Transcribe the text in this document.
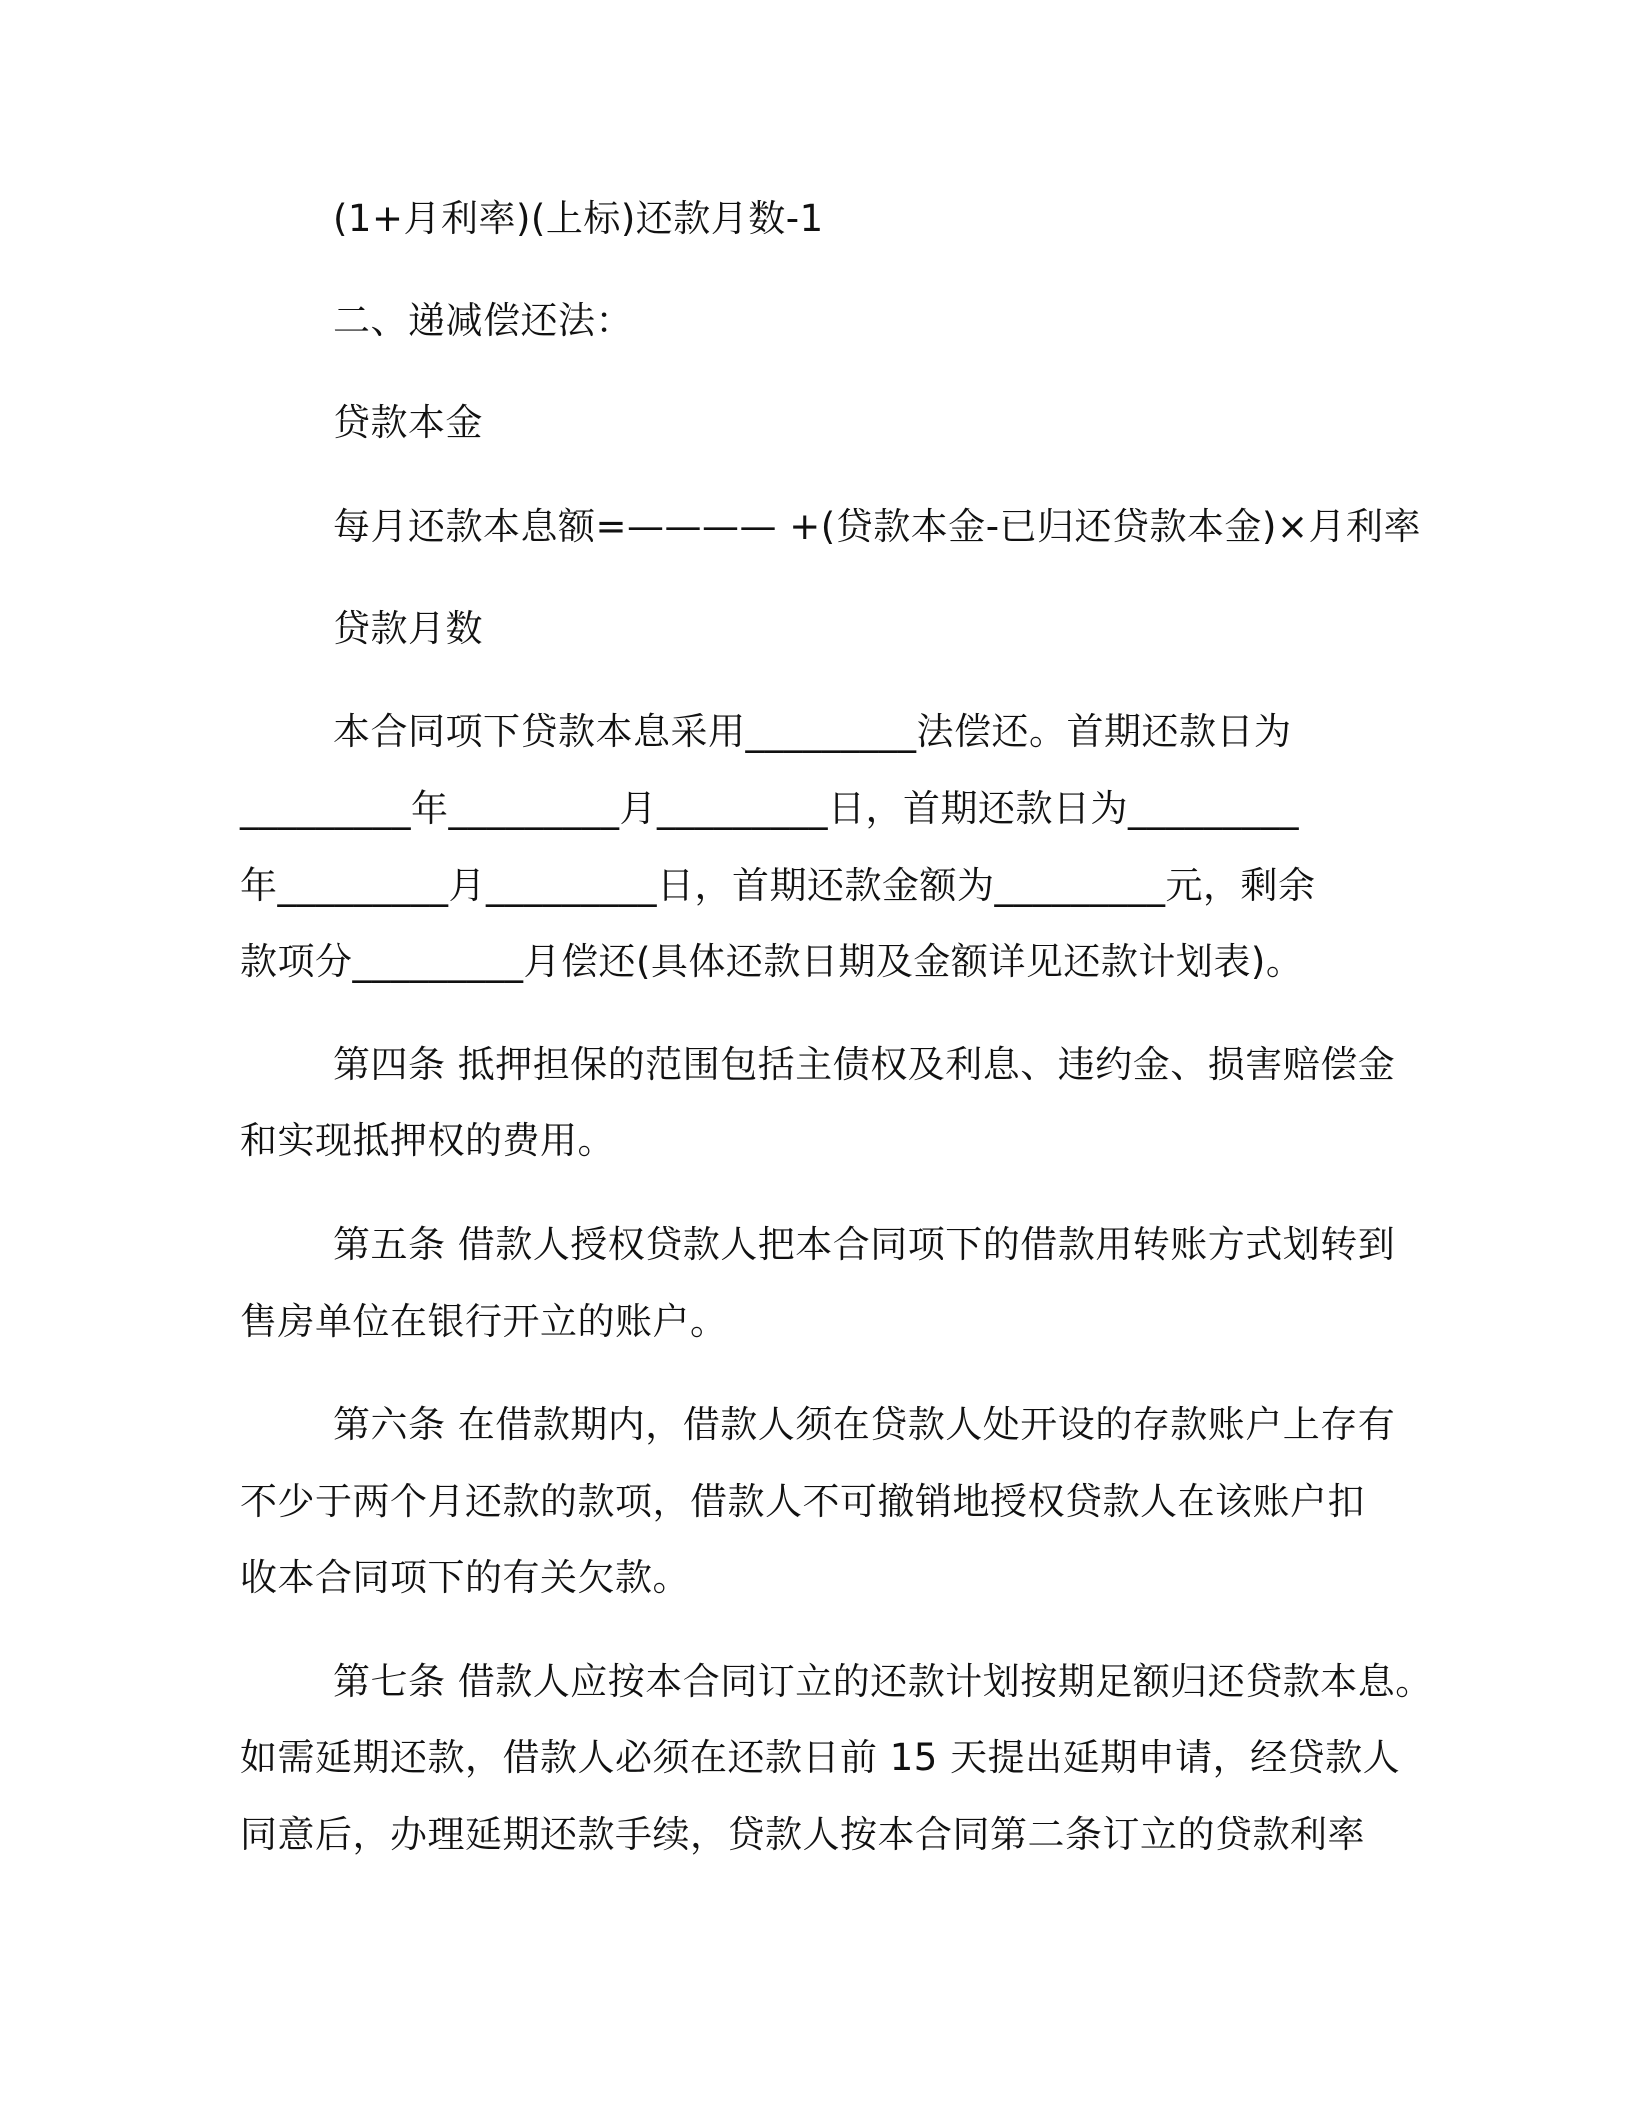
(1+月利率)(上标)还款月数-1

二、递减偿还法：

贷款本金

每月还款本息额=———— +(贷款本金-已归还贷款本金)×月利率

贷款月数

本合同项下贷款本息采用_________法偿还。首期还款日为

_________年_________月_________日，首期还款日为_________

年_________月_________日，首期还款金额为_________元，剩余

款项分_________月偿还(具体还款日期及金额详见还款计划表)。

第四条 抵押担保的范围包括主债权及利息、违约金、损害赔偿金

和实现抵押权的费用。

第五条 借款人授权贷款人把本合同项下的借款用转账方式划转到

售房单位在银行开立的账户。

第六条 在借款期内，借款人须在贷款人处开设的存款账户上存有

不少于两个月还款的款项，借款人不可撤销地授权贷款人在该账户扣

收本合同项下的有关欠款。

第七条 借款人应按本合同订立的还款计划按期足额归还贷款本息。

如需延期还款，借款人必须在还款日前 15 天提出延期申请，经贷款人

同意后，办理延期还款手续，贷款人按本合同第二条订立的贷款利率
